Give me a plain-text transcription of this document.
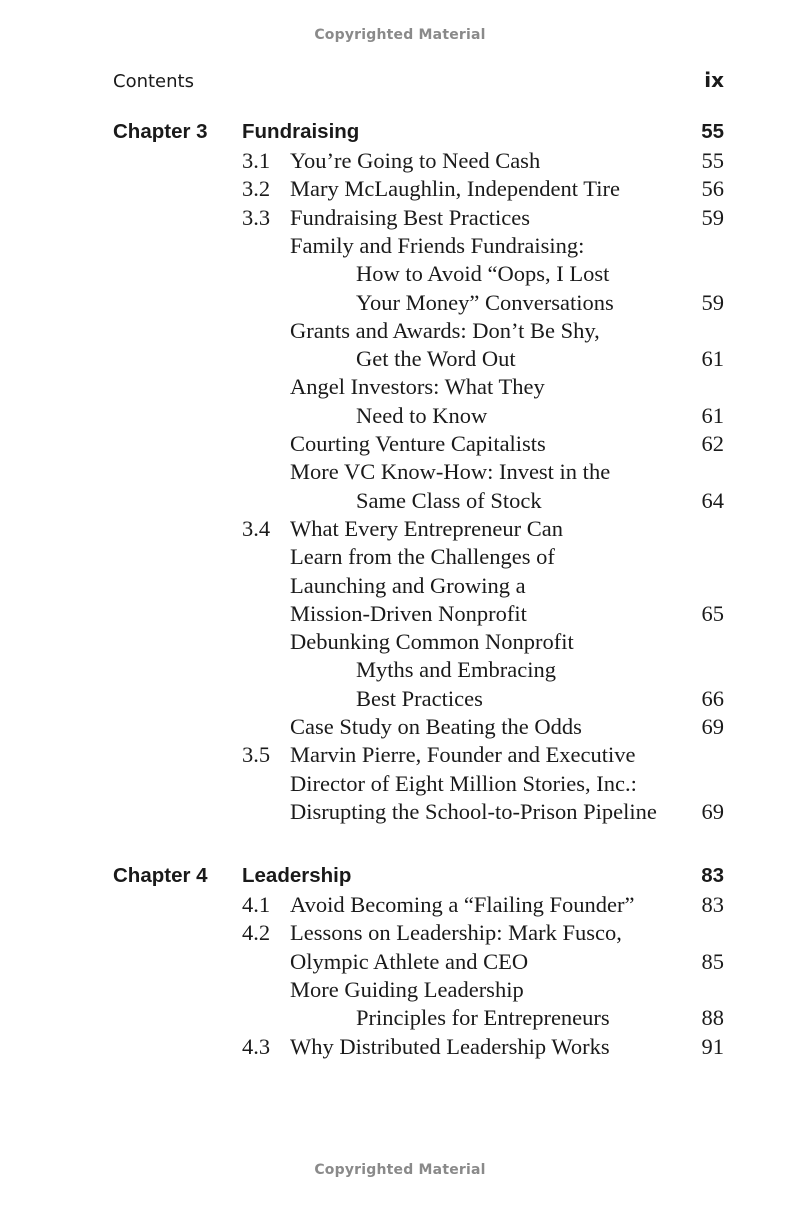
Copyrighted Material
Contents	ix
Chapter 3 Fundraising	55
3.1 You’re Going to Need Cash	55
3.2 Mary McLaughlin, Independent Tire	56
3.3 Fundraising Best Practices	59
Family and Friends Fundraising:
How to Avoid “Oops, I Lost
Your Money” Conversations	59
Grants and Awards: Don’t Be Shy,
Get the Word Out	61
Angel Investors: What They
Need to Know	61
Courting Venture Capitalists	62
More VC Know-How: Invest in the
Same Class of Stock	64
3.4 What Every Entrepreneur Can
Learn from the Challenges of
Launching and Growing a
Mission-Driven Nonprofit	65
Debunking Common Nonprofit
Myths and Embracing
Best Practices	66
Case Study on Beating the Odds	69
3.5 Marvin Pierre, Founder and Executive
Director of Eight Million Stories, Inc.:
Disrupting the School-to-Prison Pipeline 69
Chapter 4 Leadership	83
4.1 Avoid Becoming a “Flailing Founder”	83
4.2 Lessons on Leadership: Mark Fusco,
Olympic Athlete and CEO	85
More Guiding Leadership
Principles for Entrepreneurs	88
4.3 Why Distributed Leadership Works	91
Copyrighted Material
